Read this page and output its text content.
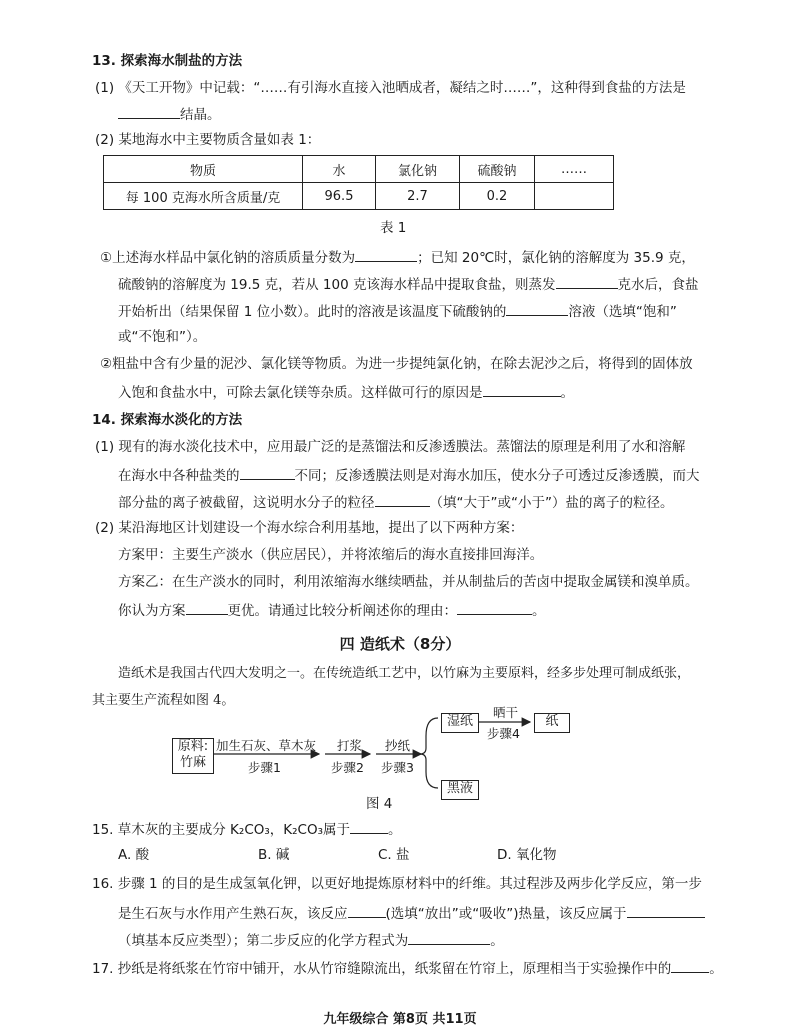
13. 探索海水制盐的方法
(1) 《天工开物》中记载：“……有引海水直接入池晒成者，凝结之时……”，这种得到食盐的方法是
结晶。
(2) 某地海水中主要物质含量如表 1：
物质	水	氯化钠	硫酸钠	……
每 100 克海水所含质量/克	96.5	2.7	0.2	
表 1
①上述海水样品中氯化钠的溶质质量分数为	；已知 20℃时，氯化钠的溶解度为 35.9 克，
硫酸钠的溶解度为 19.5 克，若从 100 克该海水样品中提取食盐，则蒸发	克水后，食盐
开始析出（结果保留 1 位小数）。此时的溶液是该温度下硫酸钠的	溶液（选填“饱和”
或“不饱和”）。
②粗盐中含有少量的泥沙、氯化镁等物质。为进一步提纯氯化钠，在除去泥沙之后，将得到的固体放
入饱和食盐水中，可除去氯化镁等杂质。这样做可行的原因是	。
14. 探索海水淡化的方法
(1) 现有的海水淡化技术中，应用最广泛的是蒸馏法和反渗透膜法。蒸馏法的原理是利用了水和溶解
在海水中各种盐类的	不同；反渗透膜法则是对海水加压，使水分子可透过反渗透膜，而大
部分盐的离子被截留，这说明水分子的粒径	（填“大于”或“小于”）盐的离子的粒径。
(2) 某沿海地区计划建设一个海水综合利用基地，提出了以下两种方案：
方案甲：主要生产淡水（供应居民），并将浓缩后的海水直接排回海洋。
方案乙：在生产淡水的同时，利用浓缩海水继续晒盐，并从制盐后的苦卤中提取金属镁和溴单质。
你认为方案	更优。请通过比较分析阐述你的理由：	。
四 造纸术（8分）
造纸术是我国古代四大发明之一。在传统造纸工艺中，以竹麻为主要原料，经多步处理可制成纸张，
其主要生产流程如图 4。
原料:
竹麻
加生石灰、草木灰
步骤1
打浆
步骤2
抄纸
步骤3
湿纸
晒干
步骤4
纸
黑液
图 4
15. 草木灰的主要成分 K₂CO₃，K₂CO₃属于	。
A. 酸	B. 碱	C. 盐	D. 氧化物
16. 步骤 1 的目的是生成氢氧化钾，以更好地提炼原材料中的纤维。其过程涉及两步化学反应，第一步
是生石灰与水作用产生熟石灰，该反应	(选填“放出”或“吸收”)热量，该反应属于
（填基本反应类型）；第二步反应的化学方程式为	。
17. 抄纸是将纸浆在竹帘中铺开，水从竹帘缝隙流出，纸浆留在竹帘上，原理相当于实验操作中的	。
九年级综合 第8页 共11页
